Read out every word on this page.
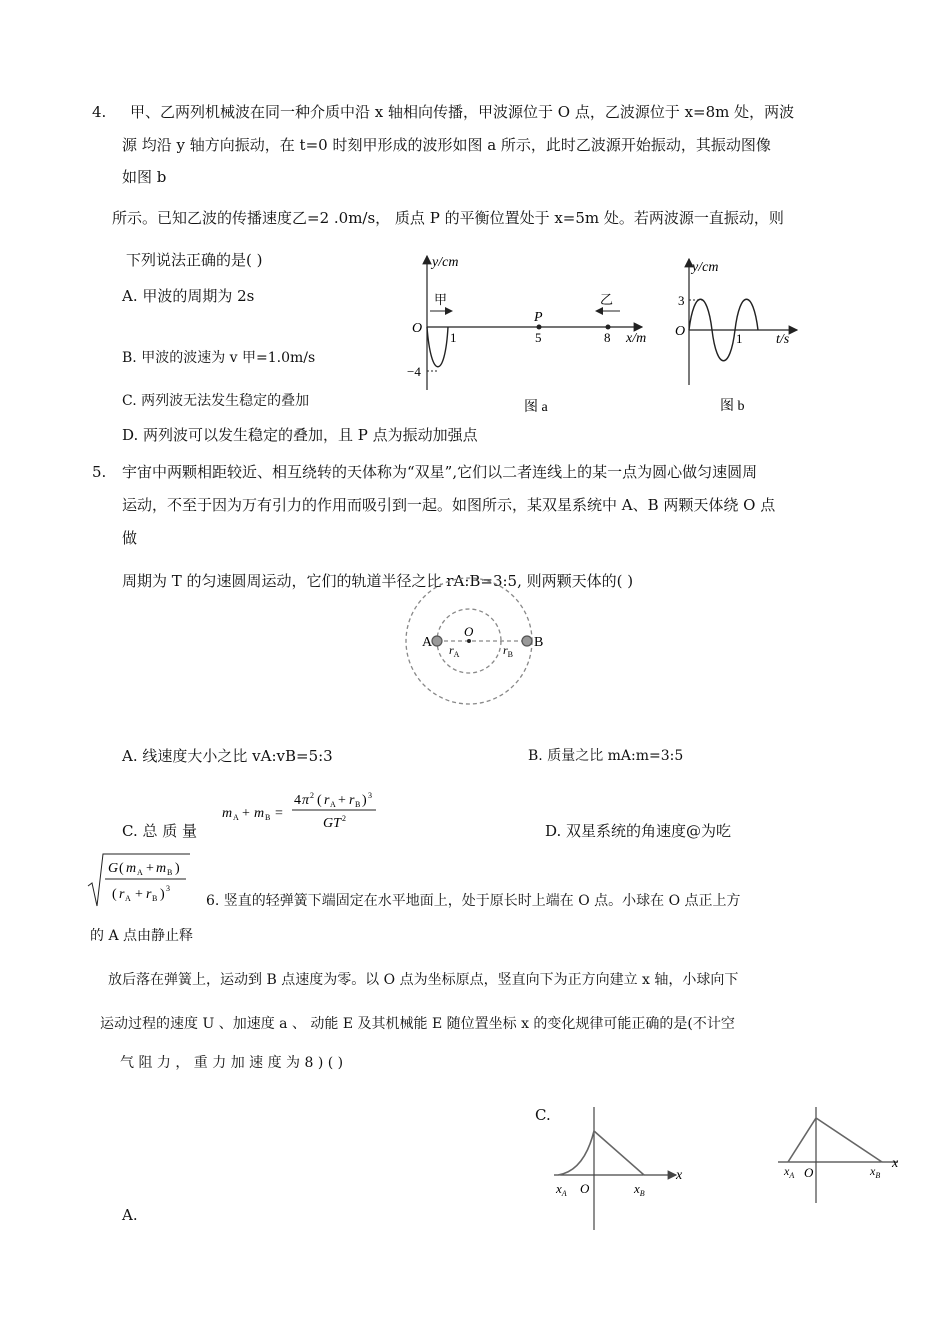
4. 甲、乙两列机械波在同一种介质中沿 x 轴相向传播，甲波源位于 O 点，乙波源位于 x=8m 处，两波
源 均沿 y 轴方向振动，在 t=0 时刻甲形成的波形如图 a 所示，此时乙波源开始振动，其振动图像
如图 b
所示。已知乙波的传播速度乙=2 .0m/s， 质点 P 的平衡位置处于 x=5m 处。若两波源一直振动，则
下列说法正确的是( )
A. 甲波的周期为 2s
B. 甲波的波速为 v 甲=1.0m/s
C. 两列波无法发生稳定的叠加
D. 两列波可以发生稳定的叠加，且 P 点为振动加强点
y/cm
O
1	5	8 x/m
−4
甲	乙
P
图 a
y/cm
3
O	1 t/s
图 b
5. 宇宙中两颗相距较近、相互绕转的天体称为“双星”,它们以二者连线上的某一点为圆心做匀速圆周
运动，不至于因为万有引力的作用而吸引到一起。如图所示，某双星系统中 A、B 两颗天体绕 O 点
做
周期为 T 的匀速圆周运动，它们的轨道半径之比 rA:B=3:5, 则两颗天体的( )
A	B
O
$r_A$	$r_B$
A. 线速度大小之比 vA:vB=5:3	B. 质量之比 mA:m=3:5
C. 总 质 量
m A + m B =
4 π 2 ( r A + r B ) 3
GT 2
D. 双星系统的角速度@为吃
G ( m A + m B )
( r A + r B ) 3
6. 竖直的轻弹簧下端固定在水平地面上，处于原长时上端在 O 点。小球在 O 点正上方
的 A 点由静止释
放后落在弹簧上，运动到 B 点速度为零。以 O 点为坐标原点，竖直向下为正方向建立 x 轴，小球向下
运动过程的速度 U 、加速度 a 、 动能 E 及其机械能 E 随位置坐标 x 的变化规律可能正确的是(不计空
气 阻 力 ， 重 力 加 速 度 为 8 ) ( )
C.
A.
x
$x_A$ O	$x_B$
x
$x_A$ O	$x_B$
